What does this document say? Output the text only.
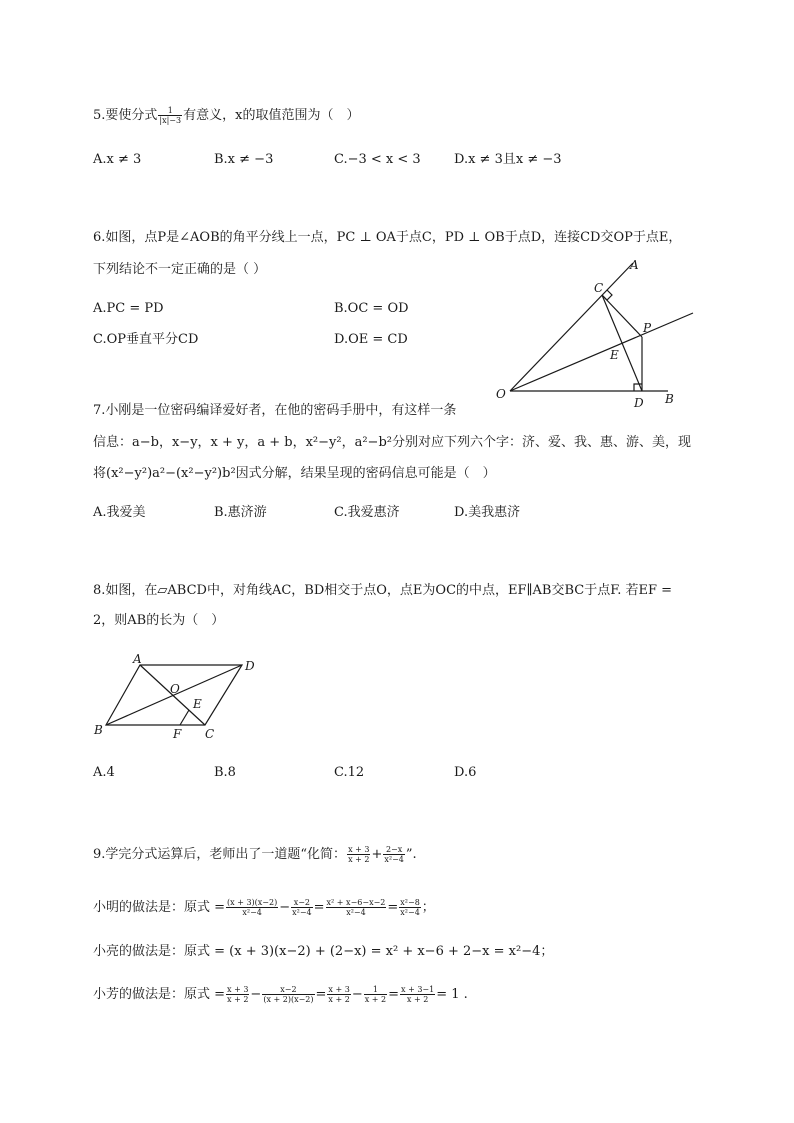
5.要使分式 $\frac{1}{|x|-3}$ 有意义，x的取值范围为（　）
A.x ≠ 3	B.x ≠ −3	C.−3 < x < 3	D.x ≠ 3且x ≠ −3
6.如图，点P是∠AOB的角平分线上一点，PC ⊥ OA于点C，PD ⊥ OB于点D，连接CD交OP于点E，
下列结论不一定正确的是（ ）
A.PC = PD	B.OC = OD
C.OP垂直平分CD	D.OE = CD
A
C
P
E
O
D B
7.小刚是一位密码编译爱好者，在他的密码手册中，有这样一条
信息：a−b，x−y，x + y，a + b，x²−y²，a²−b²分别对应下列六个字：济、爱、我、惠、游、美，现
将(x²−y²)a²−(x²−y²)b²因式分解，结果呈现的密码信息可能是（　）
A.我爱美	B.惠济游	C.我爱惠济	D.美我惠济
8.如图，在▱ABCD中，对角线AC，BD相交于点O，点E为OC的中点，EF∥AB交BC于点F. 若EF =
2，则AB的长为（　）
A	D
O
E
B	F C
A.4	B.8	C.12	D.6
9.学完分式运算后，老师出了一道题“化简： $\frac{x + 3}{x + 2} + \frac{2-x}{\text{x²−4}}$ ”.
小明的做法是：原式 = $\frac{(x + 3)(x-2)}{\text{x²−4}} - \frac{x-2}{\text{x²−4}} = \frac{\text{x² + x−6−x−2}}{\text{x²−4}} = \frac{\text{x²−8}}{\text{x²−4}}$ ；
小亮的做法是：原式 = (x + 3)(x−2) + (2−x) = x² + x−6 + 2−x = x²−4；
小芳的做法是：原式 = $\frac{x + 3}{x + 2} - \frac{x-2}{(x + 2)(x-2)} = \frac{x + 3}{x + 2} - \frac{1}{x + 2} = \frac{x + 3-1}{x + 2} = 1$ .
